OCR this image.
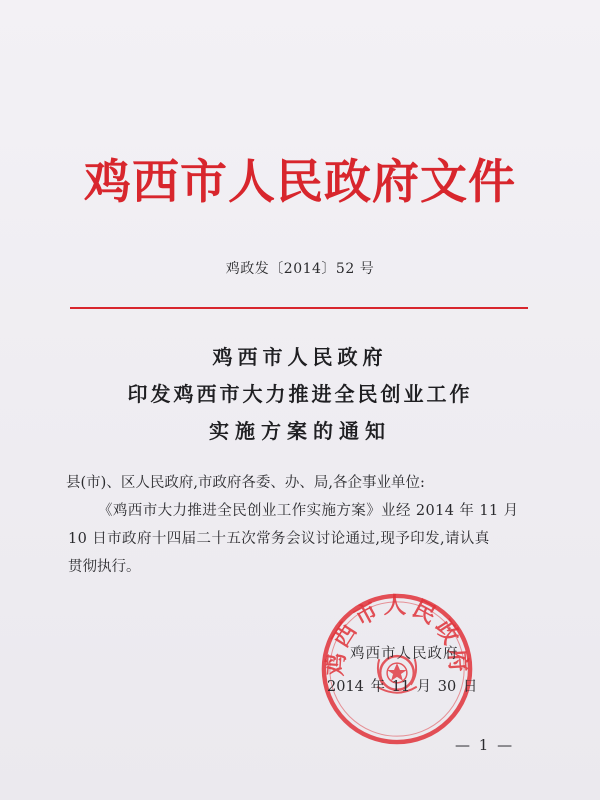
鸡西市人民政府文件
鸡政发〔2014〕52 号
鸡西市人民政府
印发鸡西市大力推进全民创业工作
实施方案的通知
县(市)、区人民政府,市政府各委、办、局,各企事业单位:
《鸡西市大力推进全民创业工作实施方案》业经 2014 年 11 月
10 日市政府十四届二十五次常务会议讨论通过,现予印发,请认真
贯彻执行。
鸡西市人民政府
鸡西市人民政府
2014 年 11 月 30 日
— 1 —
